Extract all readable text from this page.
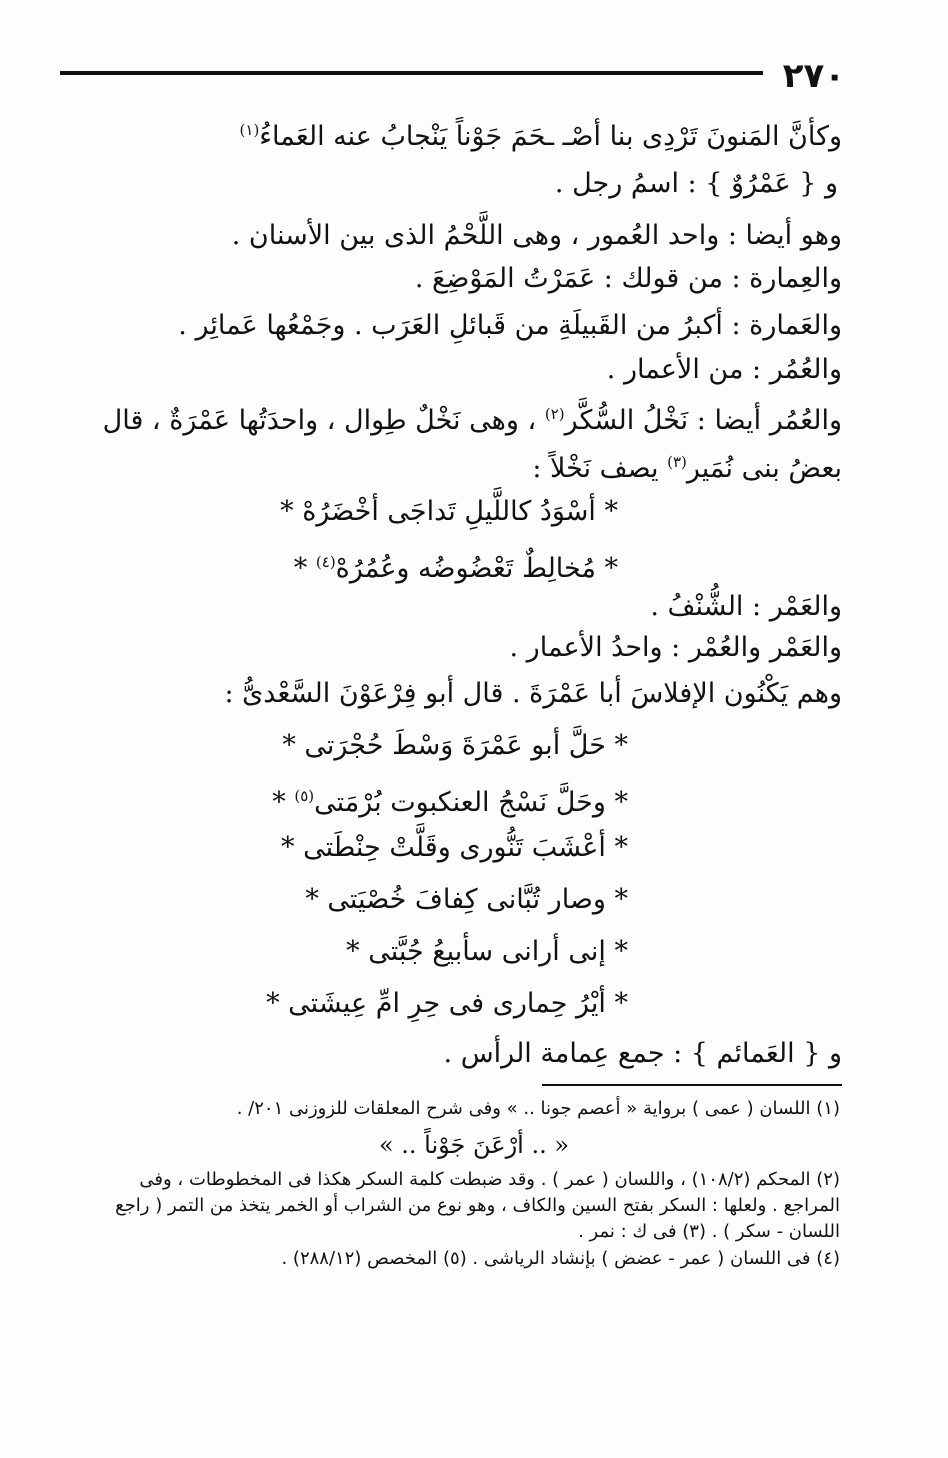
٢٧٠
وكأنَّ المَنونَ تَرْدِى بنا أصْـ ـحَمَ جَوْناً يَنْجابُ عنه العَماءُ$^{(١)}$
و { عَمْرُوٌ } : اسمُ رجل .
وهو أيضا : واحد العُمور ، وهى اللَّحْمُ الذى بين الأسنان .
والعِمارة : من قولك : عَمَرْتُ المَوْضِعَ .
والعَمارة : أكبرُ من القَبيلَةِ من قَبائلِ العَرَب . وجَمْعُها عَمائِر .
والعُمُر : من الأعمار .
والعُمُر أيضا : نَخْلُ السُّكَّر$^{(٢)}$ ، وهى نَخْلٌ طِوال ، واحدَتُها عَمْرَةٌ ، قال
بعضُ بنى نُمَير$^{(٣)}$ يصف نَخْلاً :
* أسْوَدُ كاللَّيلِ تَداجَى أخْضَرُهْ *
* مُخالِطٌ تَعْضُوضُه وعُمُرُهْ$^{(٤)}$ *
والعَمْر : الشُّنْفُ .
والعَمْر والعُمْر : واحدُ الأعمار .
وهم يَكْنُون الإفلاسَ أبا عَمْرَةَ . قال أبو فِرْعَوْنَ السَّعْدىُّ :
* حَلَّ أبو عَمْرَةَ وَسْطَ حُجْرَتى *
* وحَلَّ نَسْجُ العنكبوت بُرْمَتى$^{(٥)}$ *
* أعْشَبَ تَنُّورى وقَلَّتْ حِنْطَتى *
* وصار تُبَّانى كِفافَ خُصْيَتى *
* إنى أرانى سأبيعُ جُبَّتى *
* أيْرُ حِمارى فى حِرِ امِّ عِيشَتى *
و { العَمائم } : جمع عِمامة الرأس .
(١) اللسان ( عمى ) برواية « أعصم جونا .. » وفى شرح المعلقات للزوزنى ٢٠١/ .
« .. أرْعَنَ جَوْناً .. »
(٢) المحكم (١٠٨/٢) ، واللسان ( عمر ) . وقد ضبطت كلمة السكر هكذا فى المخطوطات ، وفى
المراجع . ولعلها : السكر بفتح السين والكاف ، وهو نوع من الشراب أو الخمر يتخذ من التمر ( راجع
اللسان - سكر ) . (٣) فى ك : نمر .
(٤) فى اللسان ( عمر - عضض ) بإنشاد الرياشى . (٥) المخصص (٢٨٨/١٢) .
